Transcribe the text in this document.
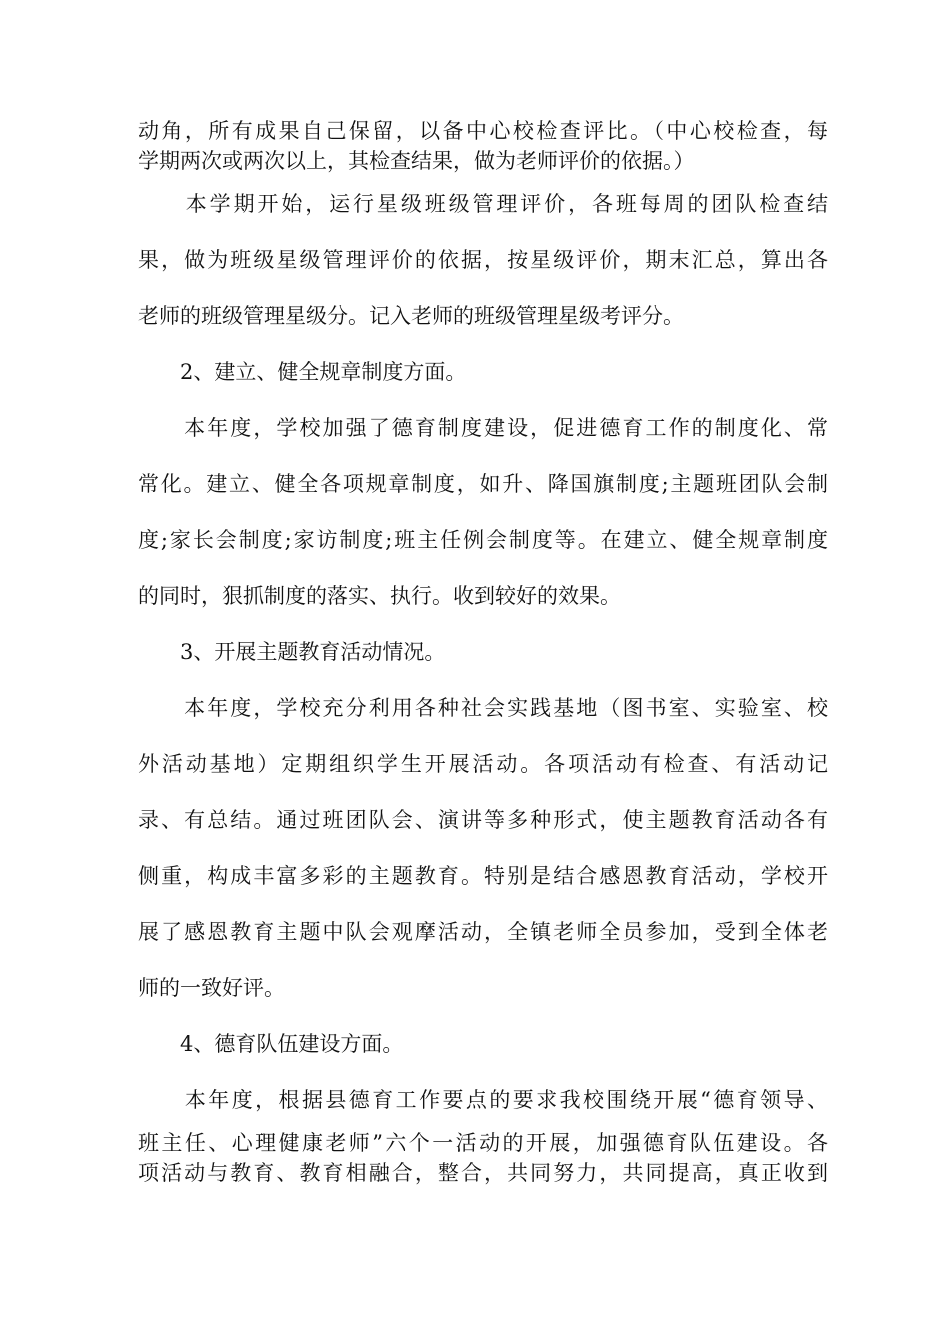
动角，所有成果自己保留，以备中心校检查评比。（中心校检查，每
学期两次或两次以上，其检查结果，做为老师评价的依据。）
　　本学期开始，运行星级班级管理评价，各班每周的团队检查结
果，做为班级星级管理评价的依据，按星级评价，期末汇总，算出各
老师的班级管理星级分。记入老师的班级管理星级考评分。
　　2、建立、健全规章制度方面。
　　本年度，学校加强了德育制度建设，促进德育工作的制度化、常
常化。建立、健全各项规章制度，如升、降国旗制度;主题班团队会制
度;家长会制度;家访制度;班主任例会制度等。在建立、健全规章制度
的同时，狠抓制度的落实、执行。收到较好的效果。
　　3、开展主题教育活动情况。
　　本年度，学校充分利用各种社会实践基地（图书室、实验室、校
外活动基地）定期组织学生开展活动。各项活动有检查、有活动记
录、有总结。通过班团队会、演讲等多种形式，使主题教育活动各有
侧重，构成丰富多彩的主题教育。特别是结合感恩教育活动，学校开
展了感恩教育主题中队会观摩活动，全镇老师全员参加，受到全体老
师的一致好评。
　　4、德育队伍建设方面。
　　本年度，根据县德育工作要点的要求我校围绕开展“德育领导、
班主任、心理健康老师”六个一活动的开展，加强德育队伍建设。各
项活动与教育、教育相融合，整合，共同努力，共同提高，真正收到
